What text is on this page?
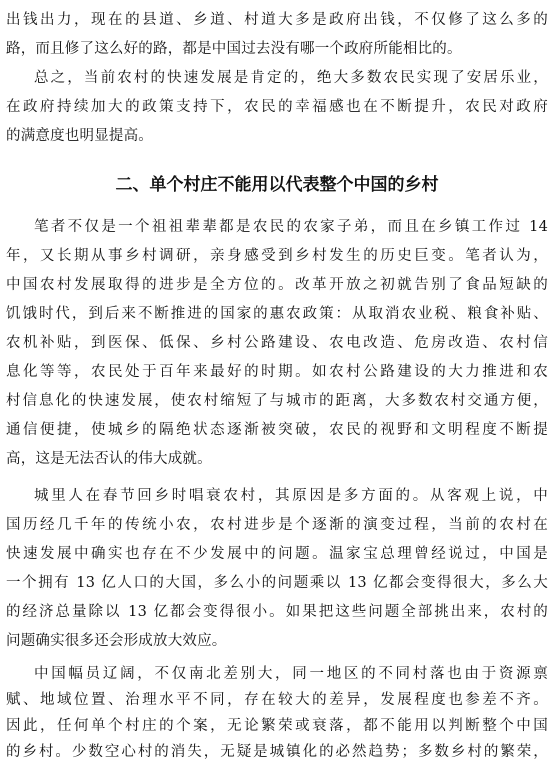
出钱出力，现在的县道、乡道、村道大多是政府出钱，不仅修了这么多的
路，而且修了这么好的路，都是中国过去没有哪一个政府所能相比的。
总之，当前农村的快速发展是肯定的，绝大多数农民实现了安居乐业，
在政府持续加大的政策支持下，农民的幸福感也在不断提升，农民对政府
的满意度也明显提高。
二、单个村庄不能用以代表整个中国的乡村
笔者不仅是一个祖祖辈辈都是农民的农家子弟，而且在乡镇工作过 14
年，又长期从事乡村调研，亲身感受到乡村发生的历史巨变。笔者认为，
中国农村发展取得的进步是全方位的。改革开放之初就告别了食品短缺的
饥饿时代，到后来不断推进的国家的惠农政策：从取消农业税、粮食补贴、
农机补贴，到医保、低保、乡村公路建设、农电改造、危房改造、农村信
息化等等，农民处于百年来最好的时期。如农村公路建设的大力推进和农
村信息化的快速发展，使农村缩短了与城市的距离，大多数农村交通方便，
通信便捷，使城乡的隔绝状态逐渐被突破，农民的视野和文明程度不断提
高，这是无法否认的伟大成就。
城里人在春节回乡时唱衰农村，其原因是多方面的。从客观上说，中
国历经几千年的传统小农，农村进步是个逐渐的演变过程，当前的农村在
快速发展中确实也存在不少发展中的问题。温家宝总理曾经说过，中国是
一个拥有 13 亿人口的大国，多么小的问题乘以 13 亿都会变得很大，多么大
的经济总量除以 13 亿都会变得很小。如果把这些问题全部挑出来，农村的
问题确实很多还会形成放大效应。
中国幅员辽阔，不仅南北差别大，同一地区的不同村落也由于资源禀
赋、地域位置、治理水平不同，存在较大的差异，发展程度也参差不齐。
因此，任何单个村庄的个案，无论繁荣或衰落，都不能用以判断整个中国
的乡村。少数空心村的消失，无疑是城镇化的必然趋势；多数乡村的繁荣，
